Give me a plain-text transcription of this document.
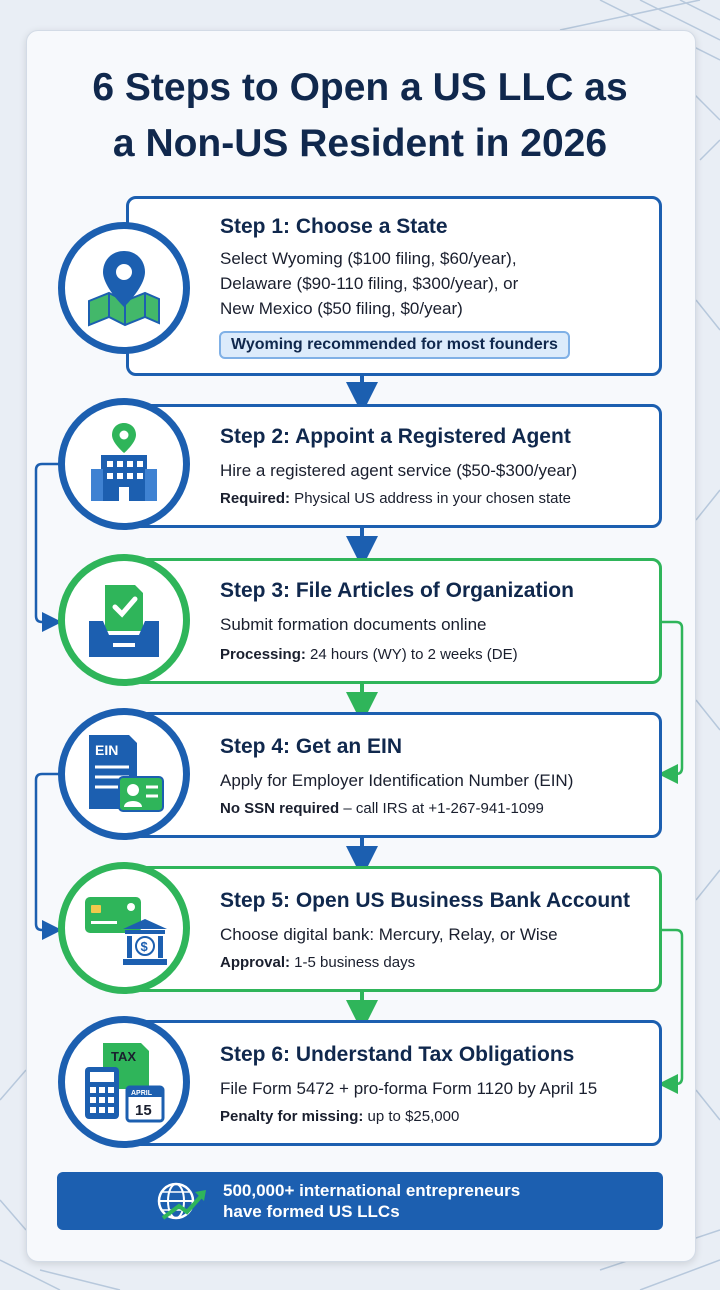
6 Steps to Open a US LLC as
a Non-US Resident in 2026
Step 1: Choose a State
Select Wyoming ($100 filing, $60/year),
Delaware ($90-110 filing, $300/year), or
New Mexico ($50 filing, $0/year)
Wyoming recommended for most founders
Step 2: Appoint a Registered Agent
Hire a registered agent service ($50-$300/year)
Required: Physical US address in your chosen state
Step 3: File Articles of Organization
Submit formation documents online
Processing: 24 hours (WY) to 2 weeks (DE)
Step 4: Get an EIN
Apply for Employer Identification Number (EIN)
No SSN required – call IRS at +1-267-941-1099
EIN
Step 5: Open US Business Bank Account
Choose digital bank: Mercury, Relay, or Wise
Approval: 1-5 business days
$
Step 6: Understand Tax Obligations
File Form 5472 + pro-forma Form 1120 by April 15
Penalty for missing: up to $25,000
TAX
APRIL
15
500,000+ international entrepreneurs
have formed US LLCs
